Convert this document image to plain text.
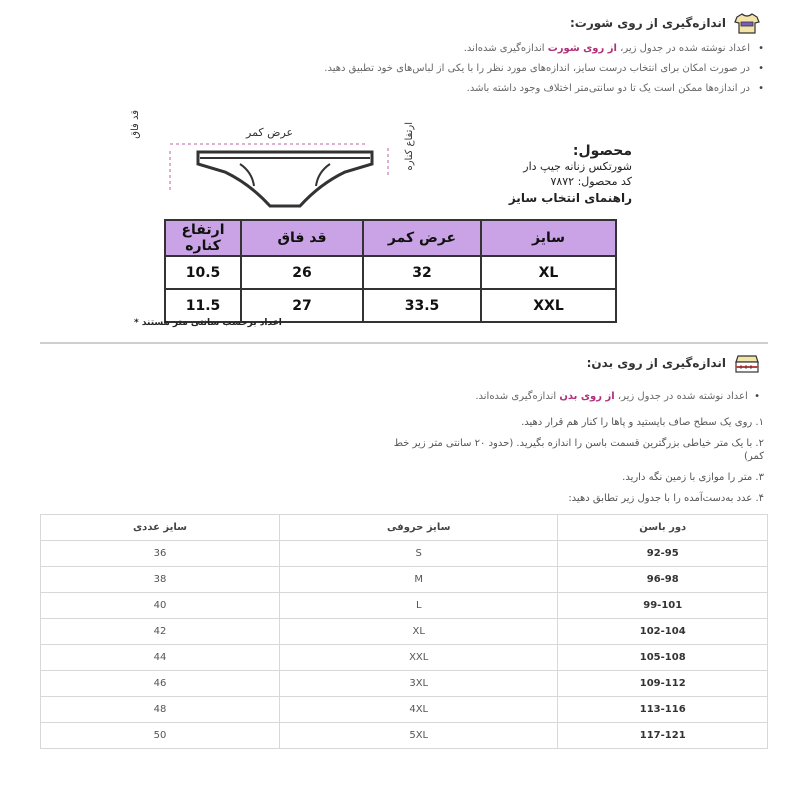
اندازه‌گیری از روی شورت:
• اعداد نوشته شده در جدول زیر، از روی شورت اندازه‌گیری شده‌اند.
• در صورت امکان برای انتخاب درست سایز، اندازه‌های مورد نظر را با یکی از لباس‌های خود تطبیق دهید.
• در اندازه‌ها ممکن است یک تا دو سانتی‌متر اختلاف وجود داشته باشد.
عرض کمر
قد فاق	ارتفاع کناره	محصول:
شورتکس زنانه جیپ دار
کد محصول: ۷۸۷۲
راهنمای انتخاب سایز
سایز	عرض کمر	قد فاق	ارتفاع کناره
XL	32	26	10.5
XXL	33.5	27	11.5
اعداد برحسب سانتی متر هستند *
اندازه‌گیری از روی بدن:
•  اعداد نوشته شده در جدول زیر، از روی بدن اندازه‌گیری شده‌اند.
۱. روی یک سطح صاف بایستید و پاها را کنار هم قرار دهید.
۲. با یک متر خیاطی بزرگترین قسمت باسن را اندازه بگیرید. (حدود ۲۰ سانتی متر زیر خط کمر)
۳. متر را موازی با زمین نگه دارید.
۴. عدد به‌دست‌آمده را با جدول زیر تطابق دهید:
دور باسن	سایز حروفی	سایز عددی
92-95	S	36
96-98	M	38
99-101	L	40
102-104	XL	42
105-108	XXL	44
109-112	3XL	46
113-116	4XL	48
117-121	5XL	50
